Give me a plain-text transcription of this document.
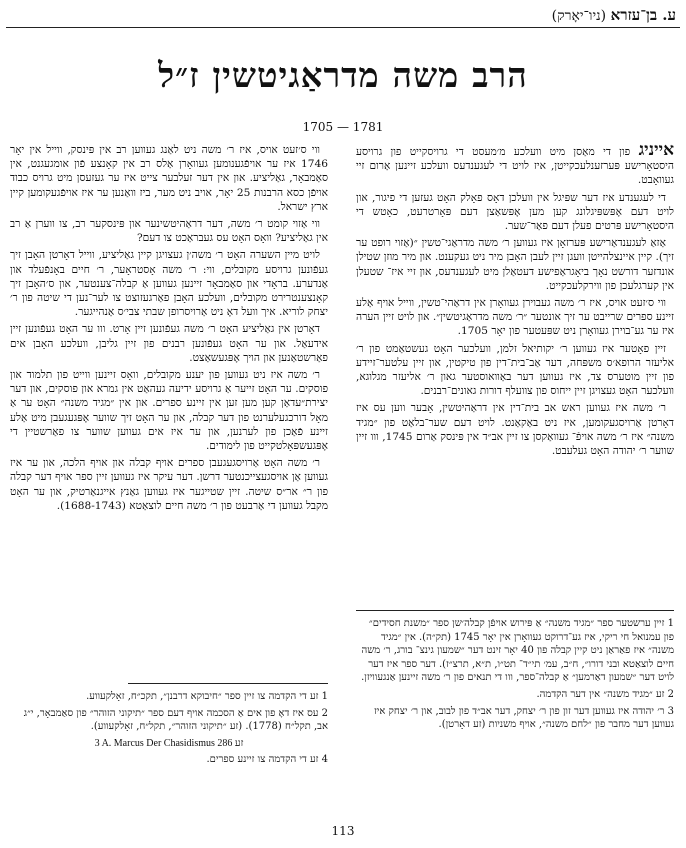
ע. בן־עזרא (ניו־יאָרק)
הרב משה מדראַגיטשין ז״ל
1705 — 1781

אייניג פון די מאַסן מיט וועלכע מ׳מעסט די גרויסקייט פון גרויסע היסטאָרישע פּערזענלעכקייטן, איז לויט די לעגענדעס וועלכע זיינען אַרום זיי געוואָבט.

די לעגענדע איז דער שפּיגל אין וועלכן דאָס פאָלק האָט געזען די פיגור, און לויט דעם אָפּשפּיגלונג קען מען אָפּשאַצן דעם פּאָרטרעט, כאָטש די היסטאָרישע פּרטים פעלן דעם פאַר־שער.

אַזאַ לעגענדאַרישע פּערזאָן איז געווען ר׳ משה מדראַגי־טשין ״(אַזוי רופט ער זיך). קיין איינצלהייטן וועגן זיין לעבן האָבן מיר ניט געקענט. און מיר מוזן שטילן אונדזער דורשט נאָך ביאָגראַפישע דעטאַלן מיט לעגענדעס, און זיי איז־ שטעלן אין קערגלעכן פון ווירקלעכקייט.

ווי ס׳זעט אויס, איז ר׳ משה געבוירן געוואָרן אין דראַהי־טשין, ווייל אויף אַלע זיינע ספרים שרייבט ער זיך אונטער ״ר׳ משה מדראַגיטשין״. און לויט זיין הערה איז ער גע־בוירן געוואָרן ניט שפּעטער פון יאָר 1705.

זיין פאָטער איז געווען ר׳ יקותיאל זלמן, וועלכער האָט געשטאַמט פון ר׳ אליעזר הרופא׳ס משפּחה, דער אַב־בית־דין פון טיקטין, און זיין עלטער־זיידע פון זיין מוטערס צד, איז געווען דער באַוואוסטער גאון ר׳ אליעזר מגלוגא, וועלכער האָט געצויגן זיין ייחוס פון צוועלף דורות גאונים־רבנים.

ר׳ משה איז געווען ראש אב בית־דין אין דראַהיטשין, אָבער ווען עס איז דאָרטן אַרויסגעקומען, איז ניט באַקאַנט. לויט דעם שער־בלאַט פון ״מגיד משנה״ איז ר׳ משה אויפֿ־ געוואַקסן צו זיין אב״ד אין פּינסק אַרום 1745, ווו זיין שווער ר׳ יהודה האָט געלעבט.

ווי ס׳זעט אויס, איז ר׳ משה ניט לאַנג געווען רב אין פּינסק, ווייל אין יאָר 1746 איז ער אויפֿגענומען געוואָרן אַלס רב אין קאָנצע פֿון אומגעגנט, אין סאַמבאָר, גאַליציע. און אין דער זעלבער צייט איז ער געזעסן מיט גרויס כבוד אויפֿן כסא הרבנות 25 יאָר, אויב ניט מער, ביז וואַנען ער איז אויפֿגעקומען קיין ארץ ישראל.

ווי אַזוי קומט ר׳ משה, דער דראַהיטשינער און פּינסקער רב, צו ווערן אַ רב אין גאַליציע? וואָס האָט עס געבראַכט צו דעם?

לויט מיין השערה האָט ר׳ משה׳ן געצויגן קיין גאַליציע, ווייל דאָרטן האָבן זיך געפֿונען גרויסע מקובלים, ווי: ר׳ משה אָסטראָער, ר׳ חיים באָנפֿעלד און אַנדערע. בראָדי און סאַמבאָר זיינען געווען אַ קבלה־צענטער, און ס׳האָבן זיך קאָנצענטרירט מקובלים, וועלכע האָבן פאַרגעזוצט צו לער־נען די שיטה פון ר׳ יצחק לוריא. איך וועל דאָ ניט אַרויסרופן שבתי צבי׳ס אַנהייגער.

דאָרטן אין גאַליציע האָט ר׳ משה געפֿונען זיין אָרט. ווו ער האָט געפֿונען זיין אידעאַל. און ער האָט געפֿונען רבנים פון זיין גליבן, וועלכע האָבן אים פאַרשטאַנען און הויך אָפּגעשאַצט.

ר׳ משה איז ניט געווען פון יענע מקובלים, וואָס זיינען ווייט פון תלמוד און פוסקים. ער האָט זייער אַ גרויסע ידיעה געהאַט אין גמרא און פוסקים, און דער יצירת״עדאַן קען מען זען אין זיינע ספרים. און אין ״מגיד משנה״ האָט ער אַ מאָל דורכגעלערנט פון דער קבלה, און ער האָט זיך שווער אָפּגעגעבן מיט אַלע זיינע פֿאַכן פון לערנען, און ער איז אים געווען שווער צו פאַרשטיין די אָפּגעשפּאָלטקייט פון לימודים.

ר׳ משה האָט אַרויסגעגעבן ספרים אויף קבלה און אויף הלכה, און ער איז געווען אַן אויסגעצייכנטער דרשן. דער עיקר איז געווען זיין ספר אויף דער קבלה פון ר״ אר״ס שיטה. זיין שטייגער איז געווען גאַנץ אייגנאַרטיק, און ער האָט מקבל געווען די אַרבעט פון ר׳ משה חיים לוצאַטא (1688-1743).

1 זע די הקדמה צו זיין ספר ״חיבוקא דרבנן״, תקכ״ח, זאָלקעווע.
2 עס איז דאָ פון אים אַ הסכמה אויף דעם ספר ״תיקוני הזוהר״ פון סאַמבאָר, י״ג אב, תקל״ח (1778). (זע ״תיקוני הזוהר״, תקל״ח, זאָלקעווע).
3 A. Marcus Der Chasidismus זע 286
4 זע די הקדמה צו זיינע ספרים.
1 זיין ערשטער ספר ״מגיד משנה״ אַ פּירוש אויפֿן קבלה׳שן ספר ״משנת חסידים״ פון עמנואל חי ריקי, איז גע־דרוקט געוואָרן אין יאָר 1745 (תק״ה). אין ״מגיד משנה״ איז פאַראַן ניט קיין קבלה פון 40 יאָר זינט דער ״שמעון גינצ־ בורג, ר׳ משה חיים לוצאַטא ובני דורו״, ח״ב, עמ׳ תי״ד־ תט״ו, ת״א, תרצ״ז). דער ספר איז דער לויט דער ״שמעון דאַרמען״ אַ קבלה־ספר, ווו די תנאים פון ר׳ משה זיינען אַנגעוויזן.
2 זע ״מגיד משנה״ אין דער הקדמה.
3 ר׳ יהודה איז געווען דער זון פון ר׳ יצחק, דער אב״ד פון לבוב, און ר׳ יצחק איז געווען דער מחבר פון ״לחם משנה״, אויף משניות (זע דאָרטן).
113
